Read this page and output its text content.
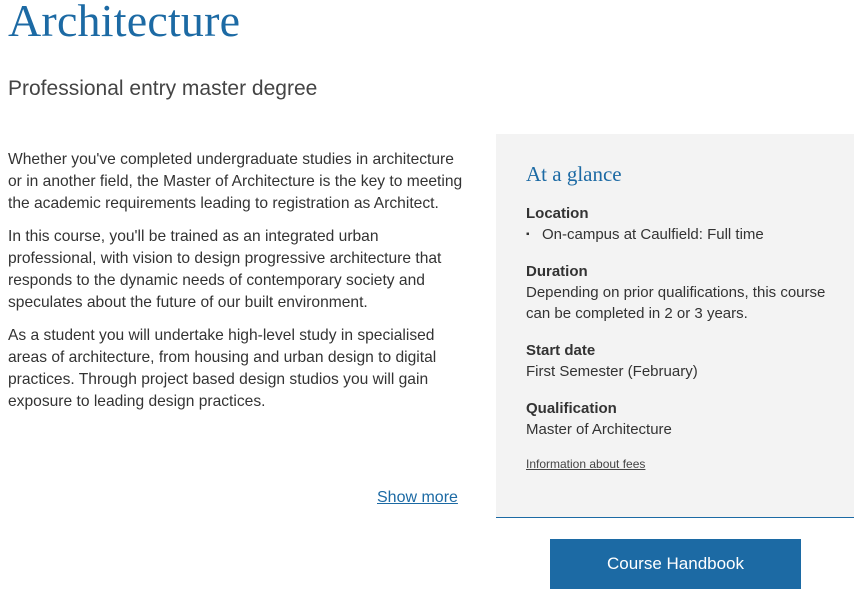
Architecture
Professional entry master degree

Whether you've completed undergraduate studies in architecture or in another field, the Master of Architecture is the key to meeting the academic requirements leading to registration as Architect.

In this course, you'll be trained as an integrated urban professional, with vision to design progressive architecture that responds to the dynamic needs of contemporary society and speculates about the future of our built environment.

As a student you will undertake high-level study in specialised areas of architecture, from housing and urban design to digital practices. Through project based design studios you will gain exposure to leading design practices.

Show more
At a glance
Location
▪ On-campus at Caulfield: Full time
Duration
Depending on prior qualifications, this course can be completed in 2 or 3 years.
Start date
First Semester (February)
Qualification
Master of Architecture
Information about fees
Course Handbook
